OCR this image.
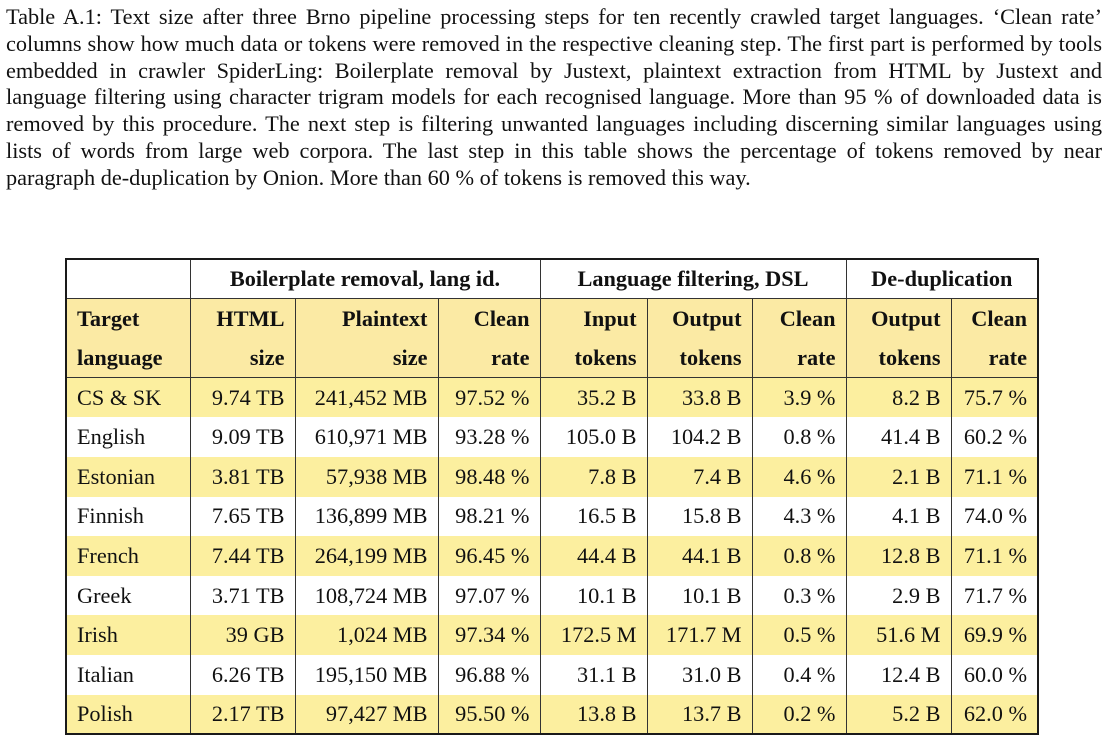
Table A.1: Text size after three Brno pipeline processing steps for ten recently crawled target languages. ‘Clean rate’ columns show how much data or tokens were removed in the respective cleaning step. The first part is performed by tools embedded in crawler SpiderLing: Boilerplate removal by Justext, plaintext extraction from HTML by Justext and language filtering using character trigram models for each recognised language. More than 95 % of downloaded data is removed by this procedure. The next step is filtering unwanted languages including discerning similar languages using lists of words from large web corpora. The last step in this table shows the percentage of tokens removed by near paragraph de-duplication by Onion. More than 60 % of tokens is removed this way.

	Boilerplate removal, lang id.			Language filtering, DSL			De-duplication	
Target	HTML	Plaintext	Clean	Input	Output	Clean	Output	Clean
language	size	size	rate	tokens	tokens	rate	tokens	rate
CS & SK	9.74 TB	241,452 MB	97.52 %	35.2 B	33.8 B	3.9 %	8.2 B	75.7 %
English	9.09 TB	610,971 MB	93.28 %	105.0 B	104.2 B	0.8 %	41.4 B	60.2 %
Estonian	3.81 TB	57,938 MB	98.48 %	7.8 B	7.4 B	4.6 %	2.1 B	71.1 %
Finnish	7.65 TB	136,899 MB	98.21 %	16.5 B	15.8 B	4.3 %	4.1 B	74.0 %
French	7.44 TB	264,199 MB	96.45 %	44.4 B	44.1 B	0.8 %	12.8 B	71.1 %
Greek	3.71 TB	108,724 MB	97.07 %	10.1 B	10.1 B	0.3 %	2.9 B	71.7 %
Irish	39 GB	1,024 MB	97.34 %	172.5 M	171.7 M	0.5 %	51.6 M	69.9 %
Italian	6.26 TB	195,150 MB	96.88 %	31.1 B	31.0 B	0.4 %	12.4 B	60.0 %
Polish	2.17 TB	97,427 MB	95.50 %	13.8 B	13.7 B	0.2 %	5.2 B	62.0 %
